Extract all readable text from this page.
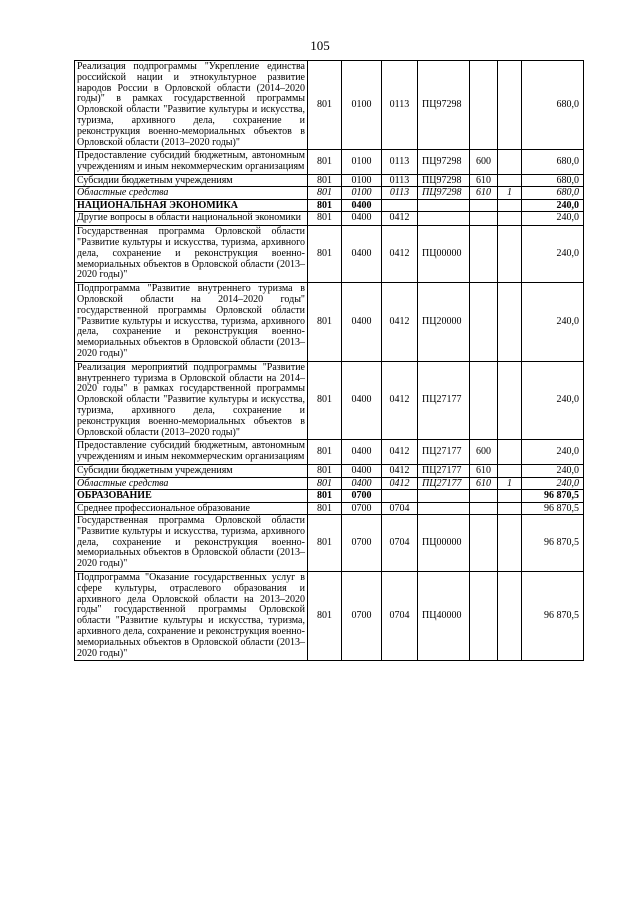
105
Реализация подпрограммы "Укрепление единства российской нации и этнокультурное развитие народов России в Орловской области (2014–2020 годы)" в рамках государственной программы Орловской области "Развитие культуры и искусства, туризма, архивного дела, сохранение и реконструкция военно-мемориальных объектов в Орловской области (2013–2020 годы)"	801	0100	0113	ПЦ97298			680,0
Предоставление субсидий бюджетным, автономным учреждениям и иным некоммерческим организациям	801	0100	0113	ПЦ97298	600		680,0
Субсидии бюджетным учреждениям	801	0100	0113	ПЦ97298	610		680,0
Областные средства	801	0100	0113	ПЦ97298	610	1	680,0
НАЦИОНАЛЬНАЯ ЭКОНОМИКА	801	0400					240,0
Другие вопросы в области национальной экономики	801	0400	0412				240,0
Государственная программа Орловской области "Развитие культуры и искусства, туризма, архивного дела, сохранение и реконструкция военно-мемориальных объектов в Орловской области (2013–2020 годы)"	801	0400	0412	ПЦ00000			240,0
Подпрограмма "Развитие внутреннего туризма в Орловской области на 2014–2020 годы" государственной программы Орловской области "Развитие культуры и искусства, туризма, архивного дела, сохранение и реконструкция военно-мемориальных объектов в Орловской области (2013–2020 годы)"	801	0400	0412	ПЦ20000			240,0
Реализация мероприятий подпрограммы "Развитие внутреннего туризма в Орловской области на 2014–2020 годы" в рамках государственной программы Орловской области "Развитие культуры и искусства, туризма, архивного дела, сохранение и реконструкция военно-мемориальных объектов в Орловской области (2013–2020 годы)"	801	0400	0412	ПЦ27177			240,0
Предоставление субсидий бюджетным, автономным учреждениям и иным некоммерческим организациям	801	0400	0412	ПЦ27177	600		240,0
Субсидии бюджетным учреждениям	801	0400	0412	ПЦ27177	610		240,0
Областные средства	801	0400	0412	ПЦ27177	610	1	240,0
ОБРАЗОВАНИЕ	801	0700					96 870,5
Среднее профессиональное образование	801	0700	0704				96 870,5
Государственная программа Орловской области "Развитие культуры и искусства, туризма, архивного дела, сохранение и реконструкция военно-мемориальных объектов в Орловской области (2013–2020 годы)"	801	0700	0704	ПЦ00000			96 870,5
Подпрограмма "Оказание государственных услуг в сфере культуры, отраслевого образования и архивного дела Орловской области на 2013–2020 годы" государственной программы Орловской области "Развитие культуры и искусства, туризма, архивного дела, сохранение и реконструкция военно-мемориальных объектов в Орловской области (2013–2020 годы)"	801	0700	0704	ПЦ40000			96 870,5
